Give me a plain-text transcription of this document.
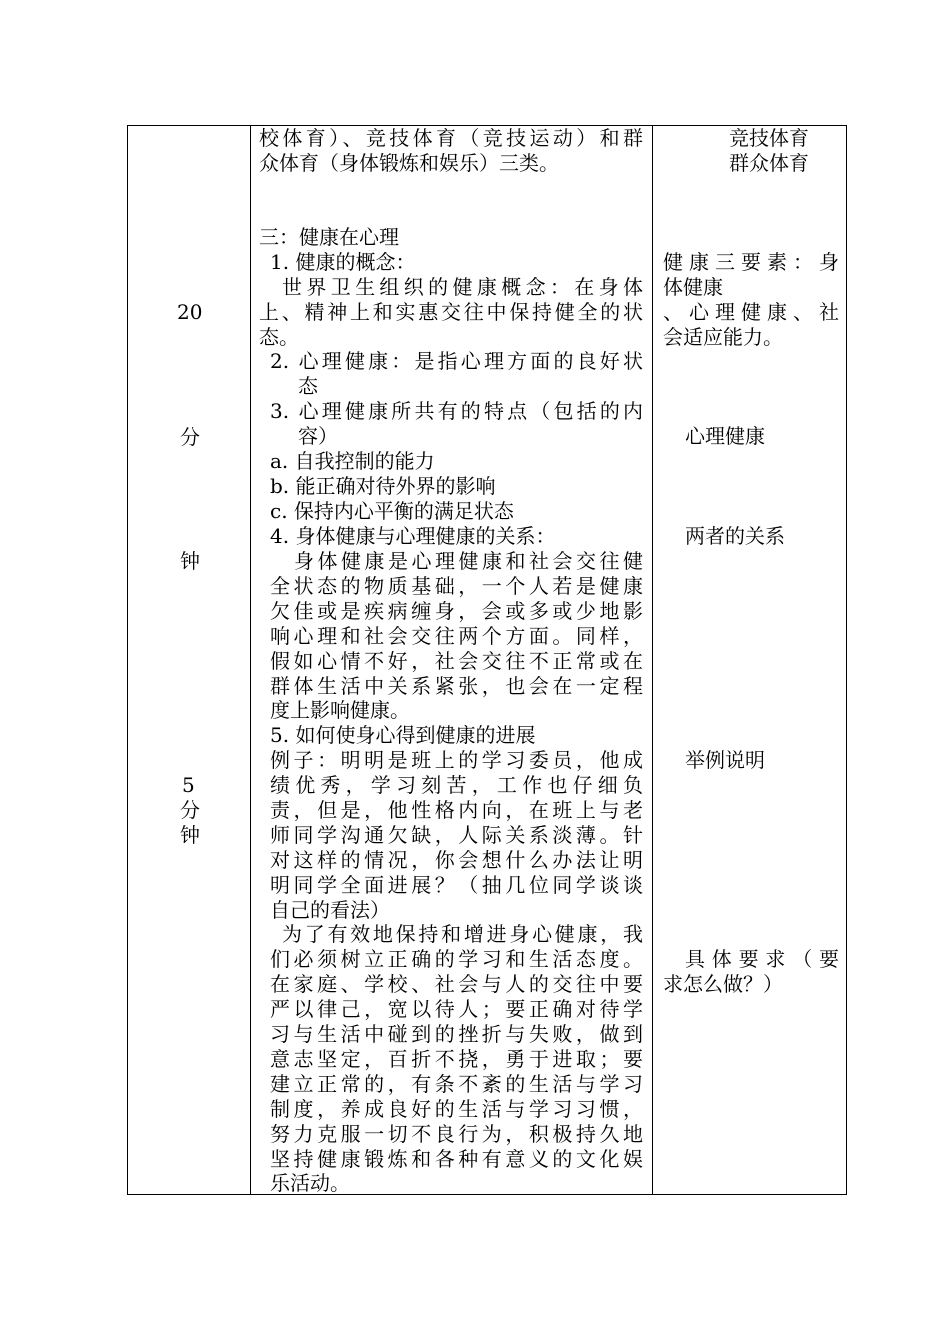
20
分
钟
5
分
钟
校体育）、竞技体育（竞技运动）和群
众体育（身体锻炼和娱乐）三类。
三：健康在心理
1. 健康的概念：
世界卫生组织的健康概念：在身体
上、精神上和实惠交往中保持健全的状
态。
2. 心理健康：是指心理方面的良好状
态
3. 心理健康所共有的特点（包括的内
容）
a. 自我控制的能力
b. 能正确对待外界的影响
c. 保持内心平衡的满足状态
4. 身体健康与心理健康的关系：
身体健康是心理健康和社会交往健
全状态的物质基础，一个人若是健康
欠佳或是疾病缠身，会或多或少地影
响心理和社会交往两个方面。同样，
假如心情不好，社会交往不正常或在
群体生活中关系紧张，也会在一定程
度上影响健康。
5. 如何使身心得到健康的进展
例子：明明是班上的学习委员，他成
绩优秀，学习刻苦，工作也仔细负
责，但是，他性格内向，在班上与老
师同学沟通欠缺，人际关系淡薄。针
对这样的情况，你会想什么办法让明
明同学全面进展？（抽几位同学谈谈
自己的看法）
为了有效地保持和增进身心健康，我
们必须树立正确的学习和生活态度。
在家庭、学校、社会与人的交往中要
严以律己，宽以待人；要正确对待学
习与生活中碰到的挫折与失败，做到
意志坚定，百折不挠，勇于进取；要
建立正常的，有条不紊的生活与学习
制度，养成良好的生活与学习习惯，
努力克服一切不良行为，积极持久地
坚持健康锻炼和各种有意义的文化娱
乐活动。
竞技体育
群众体育
健康三要素：身
体健康
、心理健康、社
会适应能力。
心理健康
两者的关系
举例说明
具体要求（要
求怎么做？）
